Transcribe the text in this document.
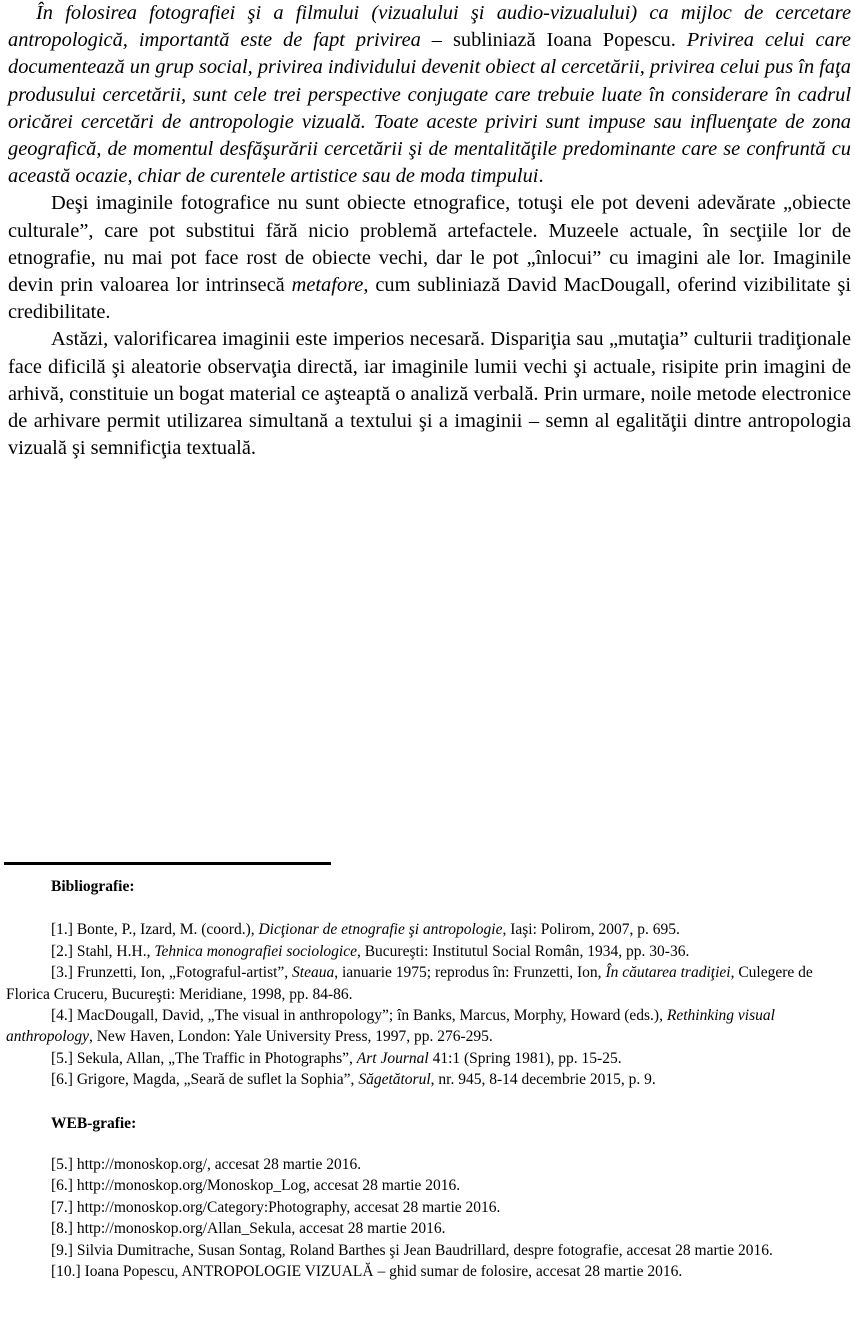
În folosirea fotografiei şi a filmului (vizualului şi audio-vizualului) ca mijloc de cercetare antropologică, importantă este de fapt privirea – subliniază Ioana Popescu. Privirea celui care documentează un grup social, privirea individului devenit obiect al cercetării, privirea celui pus în faţa produsului cercetării, sunt cele trei perspective conjugate care trebuie luate în considerare în cadrul oricărei cercetări de antropologie vizuală. Toate aceste priviri sunt impuse sau influenţate de zona geografică, de momentul desfăşurării cercetării şi de mentalităţile predominante care se confruntă cu această ocazie, chiar de curentele artistice sau de moda timpului.

Deşi imaginile fotografice nu sunt obiecte etnografice, totuşi ele pot deveni adevărate „obiecte culturale”, care pot substitui fără nicio problemă artefactele. Muzeele actuale, în secţiile lor de etnografie, nu mai pot face rost de obiecte vechi, dar le pot „înlocui” cu imagini ale lor. Imaginile devin prin valoarea lor intrinsecă metafore, cum subliniază David MacDougall, oferind vizibilitate şi credibilitate.

Astăzi, valorificarea imaginii este imperios necesară. Dispariţia sau „mutaţia” culturii tradiţionale face dificilă şi aleatorie observaţia directă, iar imaginile lumii vechi şi actuale, risipite prin imagini de arhivă, constituie un bogat material ce aşteaptă o analiză verbală. Prin urmare, noile metode electronice de arhivare permit utilizarea simultană a textului şi a imaginii – semn al egalităţii dintre antropologia vizuală şi semnificţia textuală.

Bibliografie:

[1.] Bonte, P., Izard, M. (coord.), Dicţionar de etnografie şi antropologie, Iaşi: Polirom, 2007, p. 695.
[2.] Stahl, H.H., Tehnica monografiei sociologice, Bucureşti: Institutul Social Român, 1934, pp. 30-36.
[3.] Frunzetti, Ion, „Fotograful-artist”, Steaua, ianuarie 1975; reprodus în: Frunzetti, Ion, În căutarea tradiţiei, Culegere de Florica Cruceru, Bucureşti: Meridiane, 1998, pp. 84-86.
[4.] MacDougall, David, „The visual in anthropology”; în Banks, Marcus, Morphy, Howard (eds.), Rethinking visual anthropology, New Haven, London: Yale University Press, 1997, pp. 276-295.
[5.] Sekula, Allan, „The Traffic in Photographs”, Art Journal 41:1 (Spring 1981), pp. 15-25.
[6.] Grigore, Magda, „Seară de suflet la Sophia”, Săgetătorul, nr. 945, 8-14 decembrie 2015, p. 9.

WEB-grafie:

[5.] http://monoskop.org/, accesat 28 martie 2016.
[6.] http://monoskop.org/Monoskop_Log, accesat 28 martie 2016.
[7.] http://monoskop.org/Category:Photography, accesat 28 martie 2016.
[8.] http://monoskop.org/Allan_Sekula, accesat 28 martie 2016.
[9.] Silvia Dumitrache, Susan Sontag, Roland Barthes şi Jean Baudrillard, despre fotografie, accesat 28 martie 2016.
[10.] Ioana Popescu, ANTROPOLOGIE VIZUALĂ – ghid sumar de folosire, accesat 28 martie 2016.
